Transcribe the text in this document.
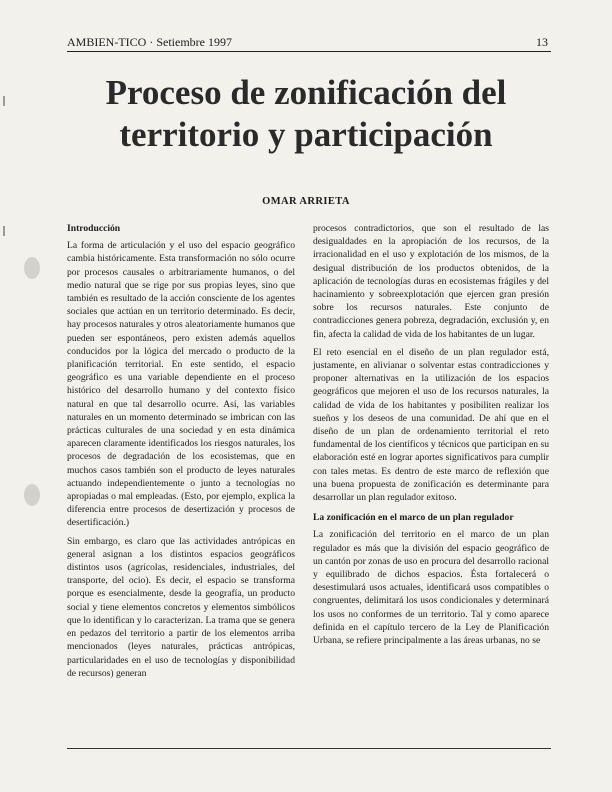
AMBIEN-TICO · Setiembre 1997	13
Proceso de zonificación del
territorio y participación
OMAR ARRIETA
Introducción

La forma de articulación y el uso del espacio geográfico cambia históricamente. Esta transformación no sólo ocurre por procesos causales o arbitrariamente humanos, o del medio natural que se rige por sus propias leyes, sino que también es resultado de la acción consciente de los agentes sociales que actúan en un territorio determinado. Es decir, hay procesos naturales y otros aleatoriamente humanos que pueden ser espontáneos, pero existen además aquellos conducidos por la lógica del mercado o producto de la planificación territorial. En este sentido, el espacio geográfico es una variable dependiente en el proceso histórico del desarrollo humano y del contexto físico natural en que tal desarrollo ocurre. Así, las variables naturales en un momento determinado se imbrican con las prácticas culturales de una sociedad y en esta dinámica aparecen claramente identificados los riesgos naturales, los procesos de degradación de los ecosistemas, que en muchos casos también son el producto de leyes naturales actuando independientemente o junto a tecnologías no apropiadas o mal empleadas. (Esto, por ejemplo, explica la diferencia entre procesos de desertización y procesos de desertificación.)

Sin embargo, es claro que las actividades antrópicas en general asignan a los distintos espacios geográficos distintos usos (agrícolas, residenciales, industriales, del transporte, del ocio). Es decir, el espacio se transforma porque es esencialmente, desde la geografía, un producto social y tiene elementos concretos y elementos simbólicos que lo identifican y lo caracterizan. La trama que se genera en pedazos del territorio a partir de los elementos arriba mencionados (leyes naturales, prácticas antrópicas, particularidades en el uso de tecnologías y disponibilidad de recursos) generan

procesos contradictorios, que son el resultado de las desigualdades en la apropiación de los recursos, de la irracionalidad en el uso y explotación de los mismos, de la desigual distribución de los productos obtenidos, de la aplicación de tecnologías duras en ecosistemas frágiles y del hacinamiento y sobreexplotación que ejercen gran presión sobre los recursos naturales. Este conjunto de contradicciones genera pobreza, degradación, exclusión y, en fin, afecta la calidad de vida de los habitantes de un lugar.

El reto esencial en el diseño de un plan regulador está, justamente, en alivianar o solventar estas contradicciones y proponer alternativas en la utilización de los espacios geográficos que mejoren el uso de los recursos naturales, la calidad de vida de los habitantes y posibiliten realizar los sueños y los deseos de una comunidad. De ahí que en el diseño de un plan de ordenamiento territorial el reto fundamental de los científicos y técnicos que participan en su elaboración esté en lograr aportes significativos para cumplir con tales metas. Es dentro de este marco de reflexión que una buena propuesta de zonificación es determinante para desarrollar un plan regulador exitoso.

La zonificación en el marco de un plan regulador

La zonificación del territorio en el marco de un plan regulador es más que la división del espacio geográfico de un cantón por zonas de uso en procura del desarrollo racional y equilibrado de dichos espacios. Ésta fortalecerá o desestimulará usos actuales, identificará usos compatibles o congruentes, delimitará los usos condicionales y determinará los usos no conformes de un territorio. Tal y como aparece definida en el capítulo tercero de la Ley de Planificación Urbana, se refiere principalmente a las áreas urbanas, no se
